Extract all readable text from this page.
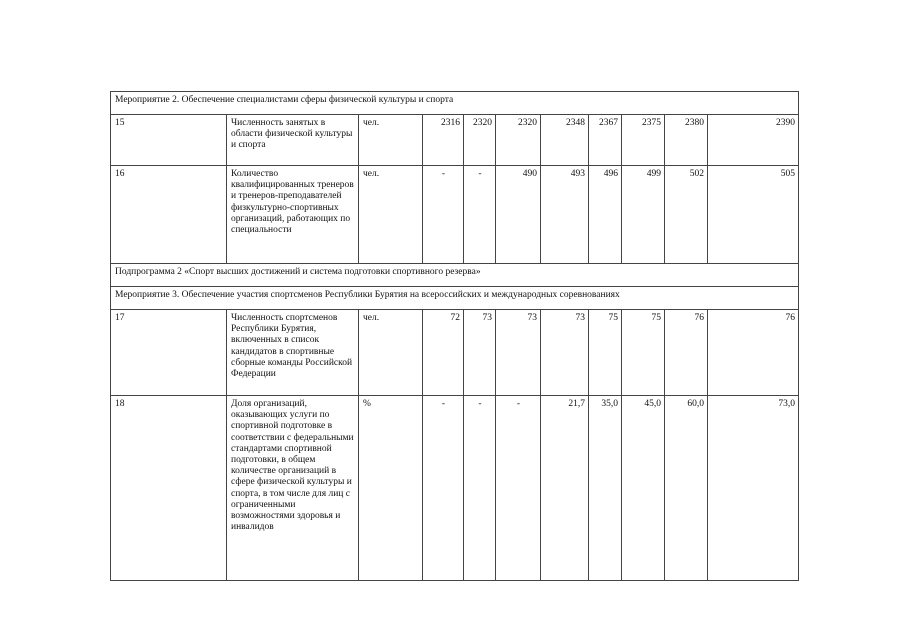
Мероприятие 2. Обеспечение специалистами сферы физической культуры и спорта										
15	Численность занятых в области физической культуры и спорта	чел.	2316	2320	2320	2348	2367	2375	2380	2390
16	Количество квалифицированных тренеров и тренеров-преподавателей физкультурно-спортивных организаций, работающих по специальности	чел.	-	-	490	493	496	499	502	505
Подпрограмма 2 «Спорт высших достижений и система подготовки спортивного резерва»										
Мероприятие 3. Обеспечение участия спортсменов Республики Бурятия на всероссийских и международных соревнованиях										
17	Численность спортсменов Республики Бурятия, включенных в список кандидатов в спортивные сборные команды Российской Федерации	чел.	72	73	73	73	75	75	76	76
18	Доля организаций, оказывающих услуги по спортивной подготовке в соответствии с федеральными стандартами спортивной подготовки, в общем количестве организаций в сфере физической культуры и спорта, в том числе для лиц с ограниченными возможностями здоровья и инвалидов	%	-	-	-	21,7	35,0	45,0	60,0	73,0
